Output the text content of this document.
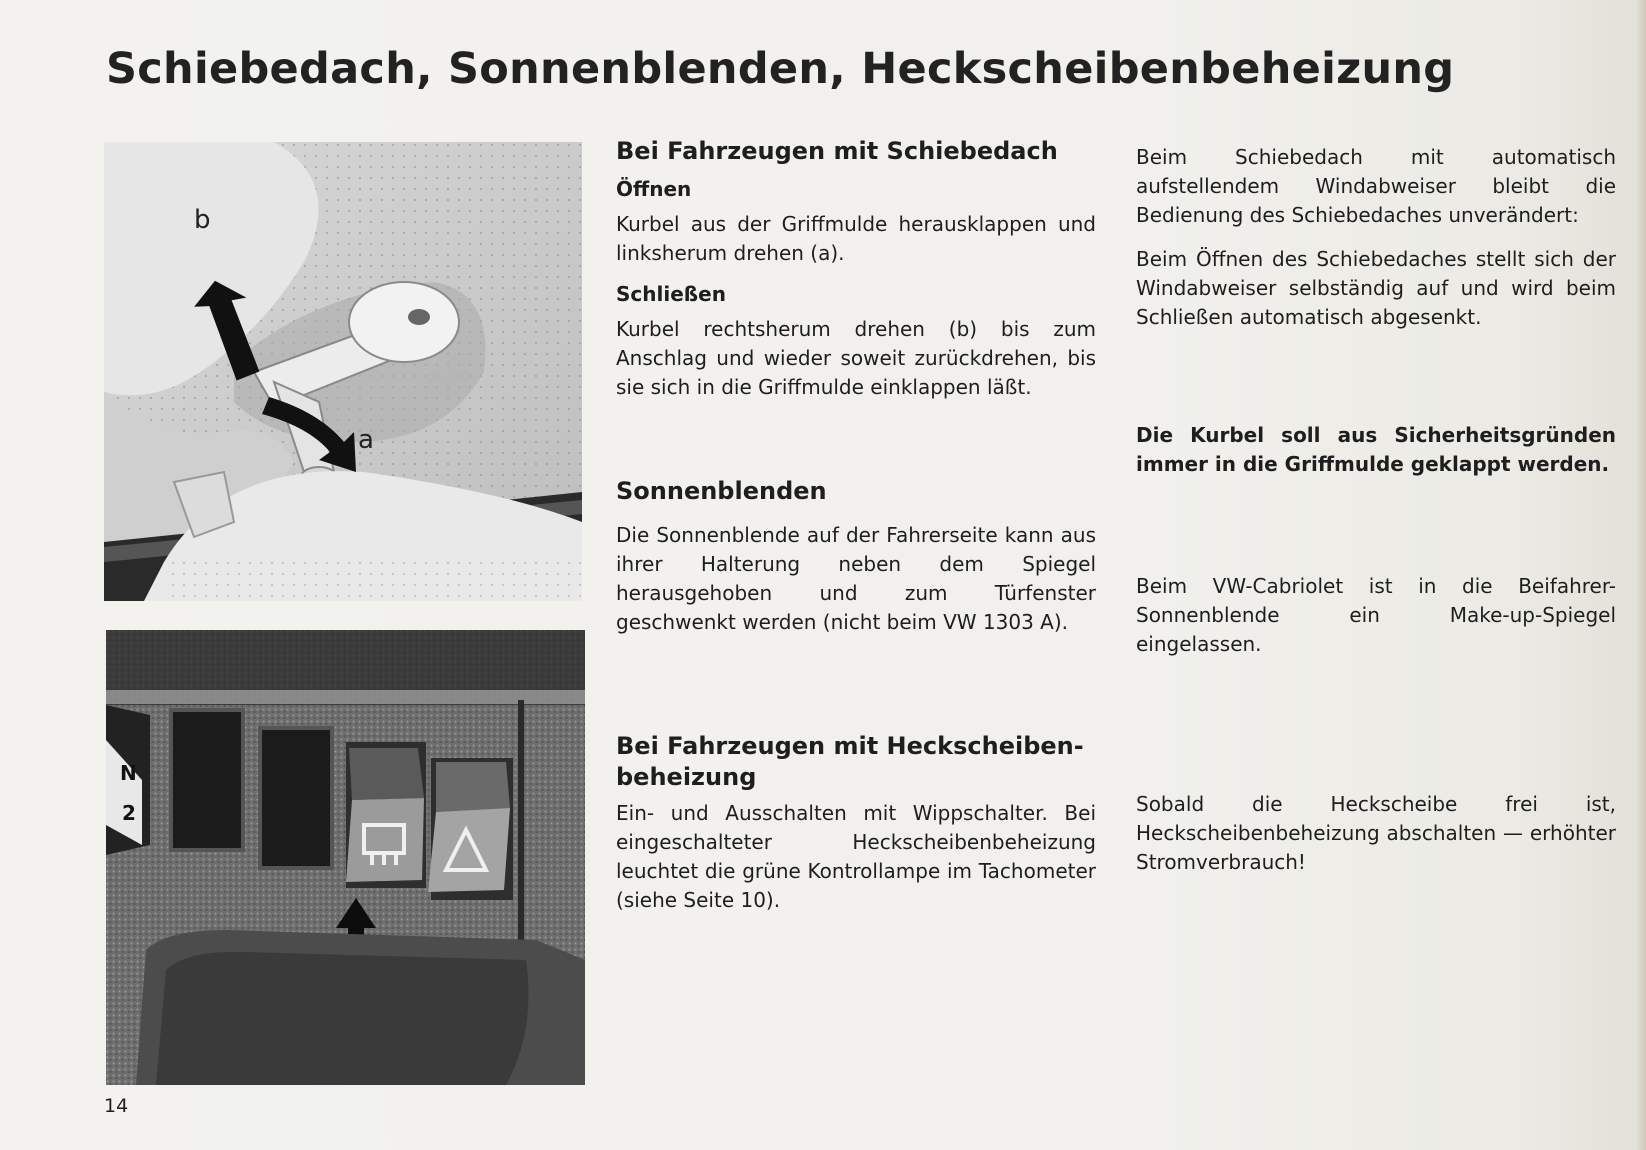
Schiebedach, Sonnenblenden, Heckscheibenbeheizung
b
a
N
2
Bei Fahrzeugen mit Schiebedach
Öffnen

Kurbel aus der Griffmulde herausklappen und linksherum drehen (a).

Schließen

Kurbel rechtsherum drehen (b) bis zum Anschlag und wieder soweit zurückdrehen, bis sie sich in die Griffmulde einklappen läßt.

Sonnenblenden

Die Sonnenblende auf der Fahrerseite kann aus ihrer Halterung neben dem Spiegel herausgehoben und zum Türfenster geschwenkt werden (nicht beim VW 1303 A).

Bei Fahrzeugen mit Heckscheiben-beheizung

Ein- und Ausschalten mit Wippschalter. Bei eingeschalteter Heckscheibenbeheizung leuchtet die grüne Kontrollampe im Tachometer (siehe Seite 10).

Beim Schiebedach mit automatisch aufstellendem Windabweiser bleibt die Bedienung des Schiebedaches unverändert:

Beim Öffnen des Schiebedaches stellt sich der Windabweiser selbständig auf und wird beim Schließen automatisch abgesenkt.

Die Kurbel soll aus Sicherheitsgründen immer in die Griffmulde geklappt werden.

Beim VW-Cabriolet ist in die Beifahrer-Sonnenblende ein Make-up-Spiegel eingelassen.

Sobald die Heckscheibe frei ist, Heckscheibenbeheizung abschalten — erhöhter Stromverbrauch!

14
